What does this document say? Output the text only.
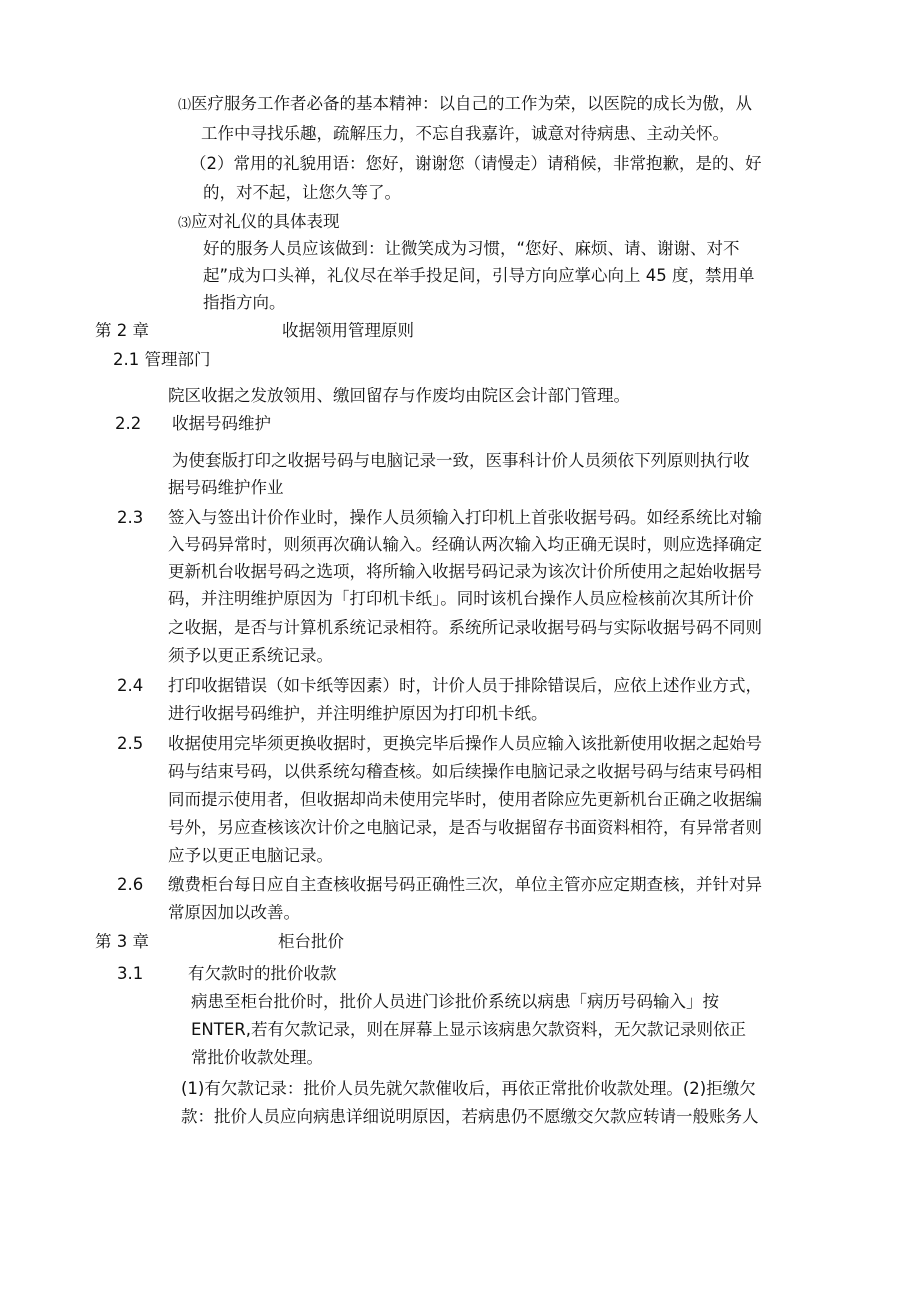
⑴医疗服务工作者必备的基本精神：以自己的工作为荣，以医院的成长为傲，从
工作中寻找乐趣，疏解压力，不忘自我嘉许，诚意对待病患、主动关怀。
（2）常用的礼貌用语：您好，谢谢您（请慢走）请稍候，非常抱歉，是的、好
的，对不起，让您久等了。
⑶应对礼仪的具体表现
好的服务人员应该做到：让微笑成为习惯，“您好、麻烦、请、谢谢、对不
起”成为口头禅，礼仪尽在举手投足间，引导方向应掌心向上 45 度，禁用单
指指方向。
第 2 章	收据领用管理原则
2.1 管理部门
院区收据之发放领用、缴回留存与作废均由院区会计部门管理。
2.2 收据号码维护
为使套版打印之收据号码与电脑记录一致，医事科计价人员须依下列原则执行收
据号码维护作业
2.3 签入与签出计价作业时，操作人员须输入打印机上首张收据号码。如经系统比对输
入号码异常时，则须再次确认输入。经确认两次输入均正确无误时，则应选择确定
更新机台收据号码之选项，将所输入收据号码记录为该次计价所使用之起始收据号
码，并注明维护原因为「打印机卡纸」。同时该机台操作人员应检核前次其所计价
之收据，是否与计算机系统记录相符。系统所记录收据号码与实际收据号码不同则
须予以更正系统记录。
2.4 打印收据错误（如卡纸等因素）时，计价人员于排除错误后，应依上述作业方式，
进行收据号码维护，并注明维护原因为打印机卡纸。
2.5 收据使用完毕须更换收据时，更换完毕后操作人员应输入该批新使用收据之起始号
码与结束号码，以供系统勾稽查核。如后续操作电脑记录之收据号码与结束号码相
同而提示使用者，但收据却尚未使用完毕时，使用者除应先更新机台正确之收据编
号外，另应查核该次计价之电脑记录，是否与收据留存书面资料相符，有异常者则
应予以更正电脑记录。
2.6 缴费柜台每日应自主查核收据号码正确性三次，单位主管亦应定期查核，并针对异
常原因加以改善。
第 3 章	柜台批价
3.1	有欠款时的批价收款
病患至柜台批价时，批价人员进门诊批价系统以病患「病历号码输入」按
ENTER,若有欠款记录，则在屏幕上显示该病患欠款资料，无欠款记录则依正
常批价收款处理。
(1)有欠款记录：批价人员先就欠款催收后，再依正常批价收款处理。(2)拒缴欠
款：批价人员应向病患详细说明原因，若病患仍不愿缴交欠款应转请一般账务人
